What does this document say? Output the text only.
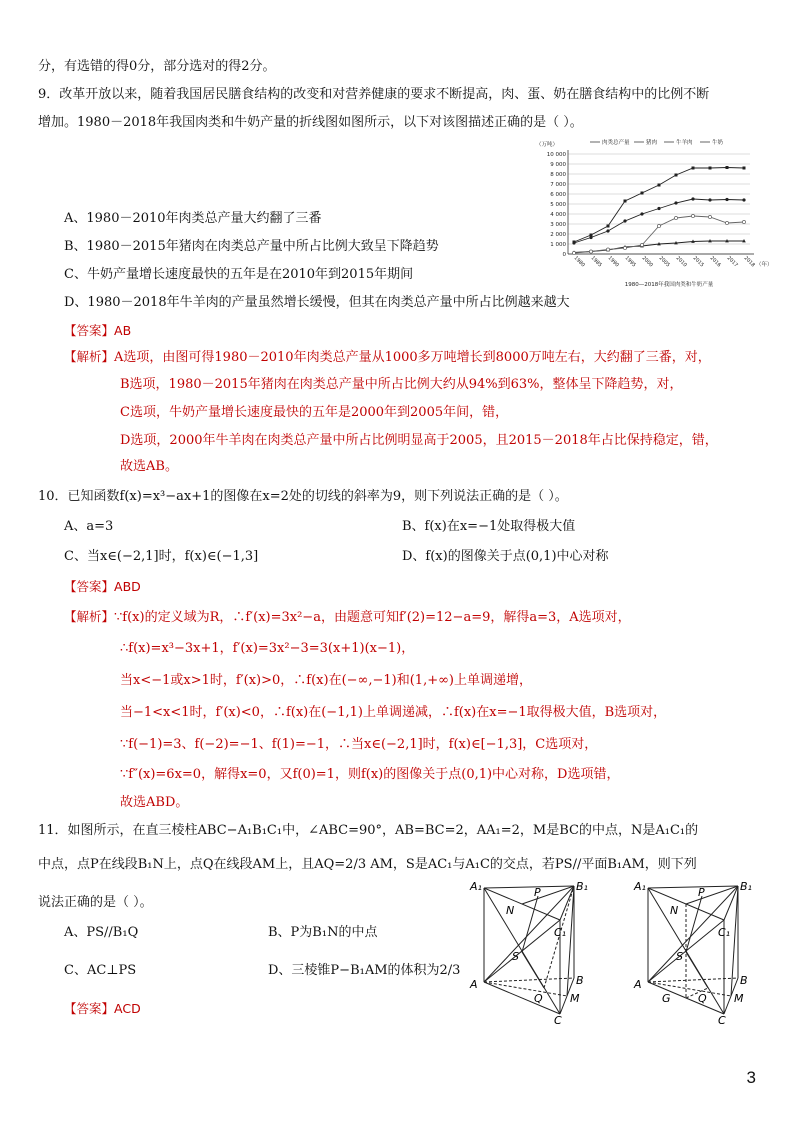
分，有选错的得0分，部分选对的得2分。
9．改革开放以来，随着我国居民膳食结构的改变和对营养健康的要求不断提高，肉、蛋、奶在膳食结构中的比例不断
增加。1980－2018年我国肉类和牛奶产量的折线图如图所示，以下对该图描述正确的是（ ）。
0
1 000
2 000
3 000
4 000
5 000
6 000
7 000
8 000
9 000
10 000
（万吨）	肉类总产量	猪肉	牛羊肉	牛奶
1980 1985 1990 1995 2000 2005 2010 2015 2016 2017 2018 （年）
1980—2018年我国肉类和牛奶产量
A、1980－2010年肉类总产量大约翻了三番
B、1980－2015年猪肉在肉类总产量中所占比例大致呈下降趋势
C、牛奶产量增长速度最快的五年是在2010年到2015年期间
D、1980－2018年牛羊肉的产量虽然增长缓慢，但其在肉类总产量中所占比例越来越大
【答案】AB
【解析】A选项，由图可得1980－2010年肉类总产量从1000多万吨增长到8000万吨左右，大约翻了三番，对，
B选项，1980－2015年猪肉在肉类总产量中所占比例大约从94%到63%，整体呈下降趋势，对，
C选项，牛奶产量增长速度最快的五年是2000年到2005年间，错，
D选项，2000年牛羊肉在肉类总产量中所占比例明显高于2005，且2015－2018年占比保持稳定，错，
故选AB。
10．已知函数f(x)=x³−ax+1的图像在x=2处的切线的斜率为9，则下列说法正确的是（ ）。
A、a=3	B、f(x)在x=−1处取得极大值
C、当x∈(−2,1]时，f(x)∈(−1,3]	D、f(x)的图像关于点(0,1)中心对称
【答案】ABD
【解析】∵f(x)的定义域为R，∴f′(x)=3x²−a，由题意可知f′(2)=12−a=9，解得a=3，A选项对，
∴f(x)=x³−3x+1，f′(x)=3x²−3=3(x+1)(x−1)，
当x<−1或x>1时，f′(x)>0，∴f(x)在(−∞,−1)和(1,+∞)上单调递增，
当−1<x<1时，f′(x)<0，∴f(x)在(−1,1)上单调递减，∴f(x)在x=−1取得极大值，B选项对，
∵f(−1)=3、f(−2)=−1、f(1)=−1，∴当x∈(−2,1]时，f(x)∈[−1,3]，C选项对，
∵f″(x)=6x=0，解得x=0，又f(0)=1，则f(x)的图像关于点(0,1)中心对称，D选项错，
故选ABD。
11．如图所示，在直三棱柱ABC−A₁B₁C₁中，∠ABC=90°，AB=BC=2，AA₁=2，M是BC的中点，N是A₁C₁的
中点，点P在线段B₁N上，点Q在线段AM上，且AQ=2/3 AM，S是AC₁与A₁C的交点，若PS//平面B₁AM，则下列
说法正确的是（ ）。
A、PS//B₁Q	B、P为B₁N的中点
C、AC⊥PS	D、三棱锥P−B₁AM的体积为2/3
【答案】ACD
A₁	B₁
C₁
A	B
C
M
N
P
Q
S
A₁	B₁
C₁
A	B
C
M
N
P
Q
S
G
3
